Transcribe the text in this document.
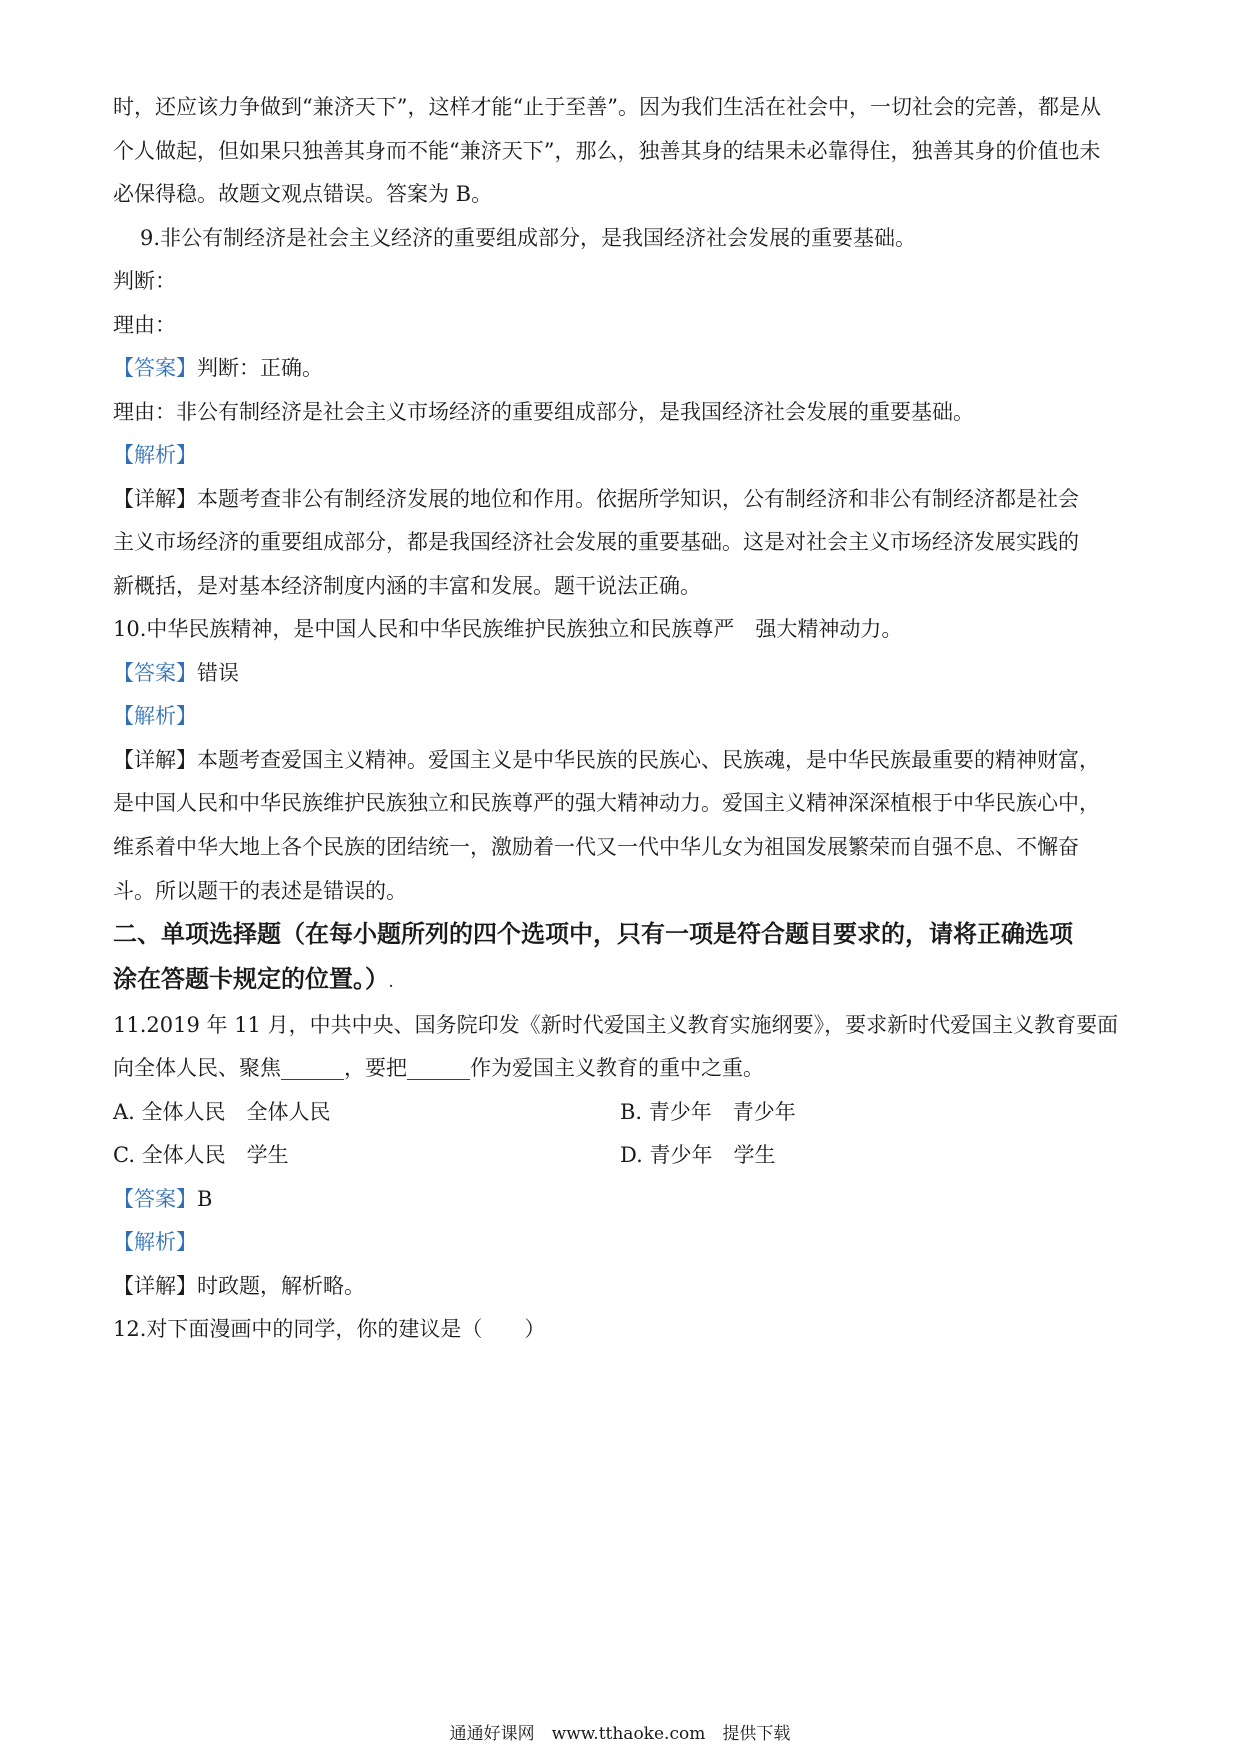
时，还应该力争做到“兼济天下”，这样才能“止于至善”。因为我们生活在社会中，一切社会的完善，都是从
个人做起，但如果只独善其身而不能“兼济天下”，那么，独善其身的结果未必靠得住，独善其身的价值也未
必保得稳。故题文观点错误。答案为 B。
9.非公有制经济是社会主义经济的重要组成部分，是我国经济社会发展的重要基础。
判断：
理由：
【答案】判断：正确。
理由：非公有制经济是社会主义市场经济的重要组成部分，是我国经济社会发展的重要基础。
【解析】
【详解】本题考查非公有制经济发展的地位和作用。依据所学知识，公有制经济和非公有制经济都是社会
主义市场经济的重要组成部分，都是我国经济社会发展的重要基础。这是对社会主义市场经济发展实践的
新概括，是对基本经济制度内涵的丰富和发展。题干说法正确。
10.中华民族精神，是中国人民和中华民族维护民族独立和民族尊严　强大精神动力。
【答案】错误
【解析】
【详解】本题考查爱国主义精神。爱国主义是中华民族的民族心、民族魂，是中华民族最重要的精神财富，
是中国人民和中华民族维护民族独立和民族尊严的强大精神动力。爱国主义精神深深植根于中华民族心中，
维系着中华大地上各个民族的团结统一，激励着一代又一代中华儿女为祖国发展繁荣而自强不息、不懈奋
斗。所以题干的表述是错误的。
二、单项选择题（在每小题所列的四个选项中，只有一项是符合题目要求的，请将正确选项
涂在答题卡规定的位置。）.
11.2019 年 11 月，中共中央、国务院印发《新时代爱国主义教育实施纲要》，要求新时代爱国主义教育要面
向全体人民、聚焦______，要把______作为爱国主义教育的重中之重。
A. 全体人民　全体人民	B. 青少年　青少年
C. 全体人民　学生	D. 青少年　学生
【答案】B
【解析】
【详解】时政题，解析略。
12.对下面漫画中的同学，你的建议是（　　）
通通好课网　www.tthaoke.com　提供下载
